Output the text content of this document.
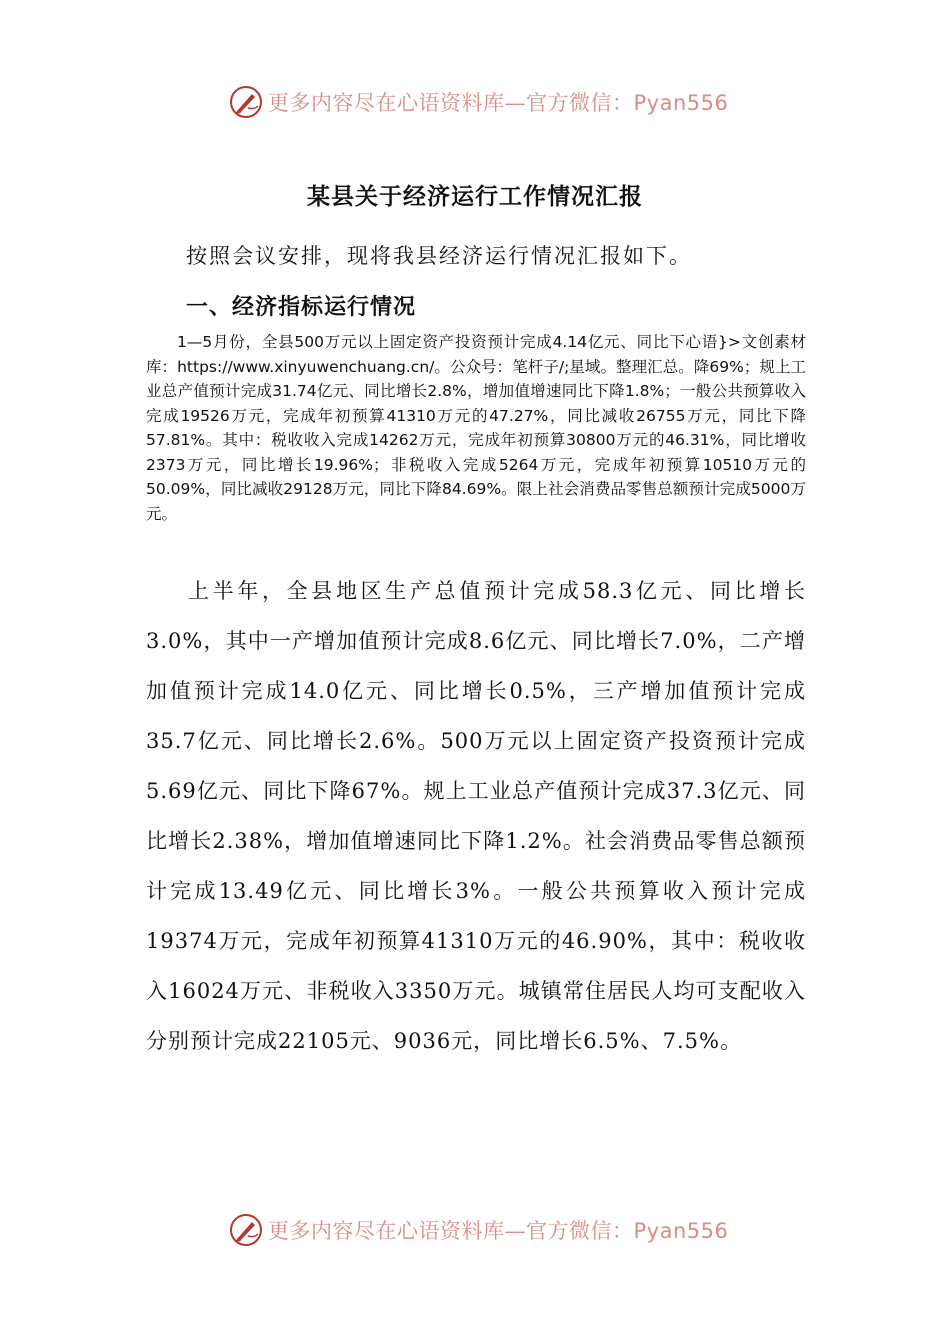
更多内容尽在心语资料库—官方微信：Pyan556
某县关于经济运行工作情况汇报

按照会议安排，现将我县经济运行情况汇报如下。

一、经济指标运行情况

1—5月份，全县500万元以上固定资产投资预计完成4.14亿元、同比下心语}>文创素材库：https://www.xinyuwenchuang.cn/。公众号：笔杆子/;星域。整理汇总。降69%；规上工业总产值预计完成31.74亿元、同比增长2.8%，增加值增速同比下降1.8%；一般公共预算收入完成19526万元，完成年初预算41310万元的47.27%，同比减收26755万元，同比下降57.81%。其中：税收收入完成14262万元，完成年初预算30800万元的46.31%，同比增收2373万元，同比增长19.96%；非税收入完成5264万元，完成年初预算10510万元的50.09%，同比减收29128万元，同比下降84.69%。限上社会消费品零售总额预计完成5000万元。

上半年，全县地区生产总值预计完成58.3亿元、同比增长3.0%，其中一产增加值预计完成8.6亿元、同比增长7.0%，二产增加值预计完成14.0亿元、同比增长0.5%，三产增加值预计完成35.7亿元、同比增长2.6%。500万元以上固定资产投资预计完成5.69亿元、同比下降67%。规上工业总产值预计完成37.3亿元、同比增长2.38%，增加值增速同比下降1.2%。社会消费品零售总额预计完成13.49亿元、同比增长3%。一般公共预算收入预计完成19374万元，完成年初预算41310万元的46.90%，其中：税收收入16024万元、非税收入3350万元。城镇常住居民人均可支配收入分别预计完成22105元、9036元，同比增长6.5%、7.5%。

更多内容尽在心语资料库—官方微信：Pyan556
